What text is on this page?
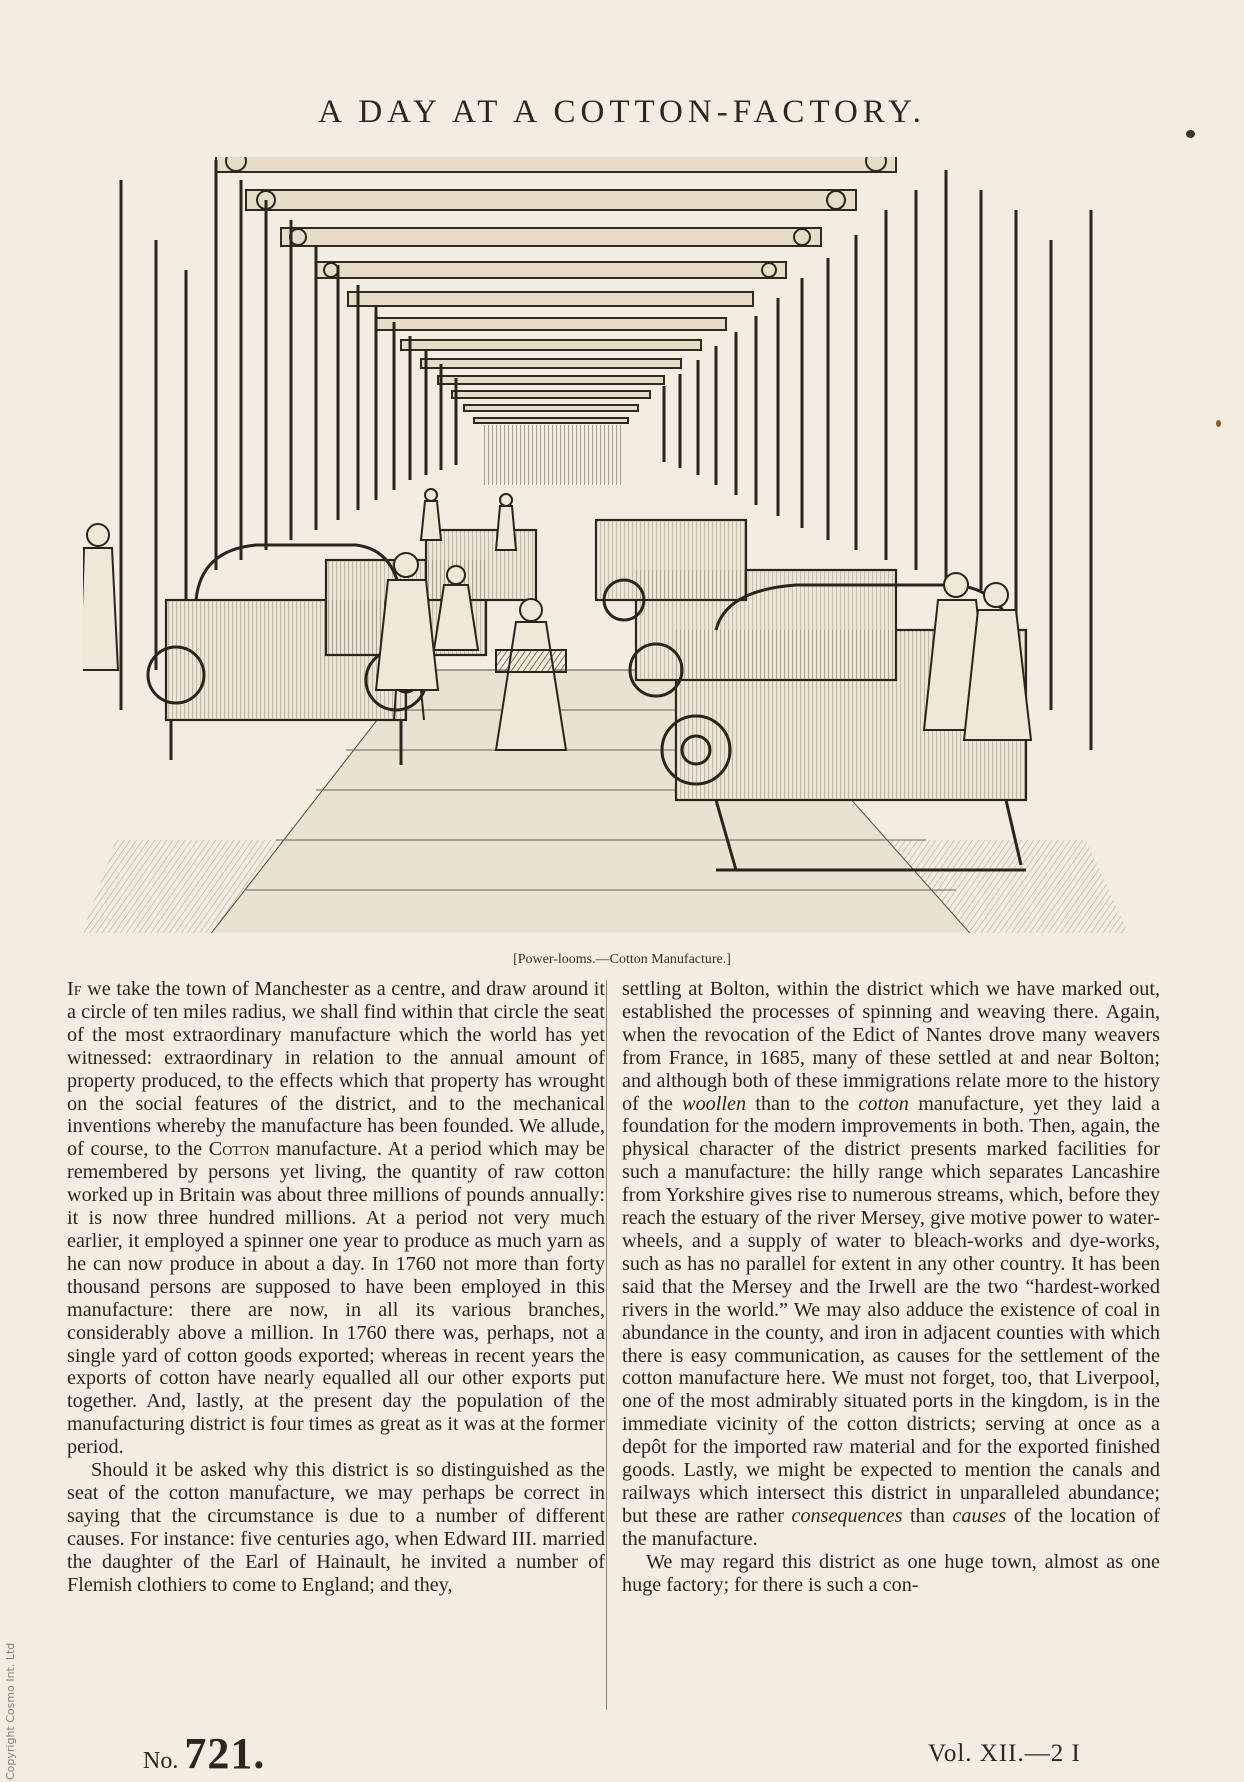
Copyright Cosmo Int. Ltd
A DAY AT A COTTON-FACTORY.
[Power-looms.—Cotton Manufacture.]

If we take the town of Manchester as a centre, and draw around it a circle of ten miles radius, we shall find within that circle the seat of the most extraordinary manufacture which the world has yet witnessed: extraordinary in relation to the annual amount of property produced, to the effects which that property has wrought on the social features of the district, and to the mechanical inventions whereby the manufacture has been founded. We allude, of course, to the Cotton manufacture. At a period which may be remembered by persons yet living, the quantity of raw cotton worked up in Britain was about three millions of pounds annually: it is now three hundred millions. At a period not very much earlier, it employed a spinner one year to produce as much yarn as he can now produce in about a day. In 1760 not more than forty thousand persons are supposed to have been employed in this manufacture: there are now, in all its various branches, considerably above a million. In 1760 there was, perhaps, not a single yard of cotton goods exported; whereas in recent years the exports of cotton have nearly equalled all our other exports put together. And, lastly, at the present day the population of the manufacturing district is four times as great as it was at the former period.

Should it be asked why this district is so distinguished as the seat of the cotton manufacture, we may perhaps be correct in saying that the circumstance is due to a number of different causes. For instance: five centuries ago, when Edward III. married the daughter of the Earl of Hainault, he invited a number of Flemish clothiers to come to England; and they,

settling at Bolton, within the district which we have marked out, established the processes of spinning and weaving there. Again, when the revocation of the Edict of Nantes drove many weavers from France, in 1685, many of these settled at and near Bolton; and although both of these immigrations relate more to the history of the woollen than to the cotton manufacture, yet they laid a foundation for the modern improvements in both. Then, again, the physical character of the district presents marked facilities for such a manufacture: the hilly range which separates Lancashire from Yorkshire gives rise to numerous streams, which, before they reach the estuary of the river Mersey, give motive power to water-wheels, and a supply of water to bleach-works and dye-works, such as has no parallel for extent in any other country. It has been said that the Mersey and the Irwell are the two “hardest-worked rivers in the world.” We may also adduce the existence of coal in abundance in the county, and iron in adjacent counties with which there is easy communication, as causes for the settlement of the cotton manufacture here. We must not forget, too, that Liverpool, one of the most admirably situated ports in the kingdom, is in the immediate vicinity of the cotton districts; serving at once as a depôt for the imported raw material and for the exported finished goods. Lastly, we might be expected to mention the canals and railways which intersect this district in unparalleled abundance; but these are rather consequences than causes of the location of the manufacture.

We may regard this district as one huge town, almost as one huge factory; for there is such a con-

No. 721.	Vol. XII.—2 I
